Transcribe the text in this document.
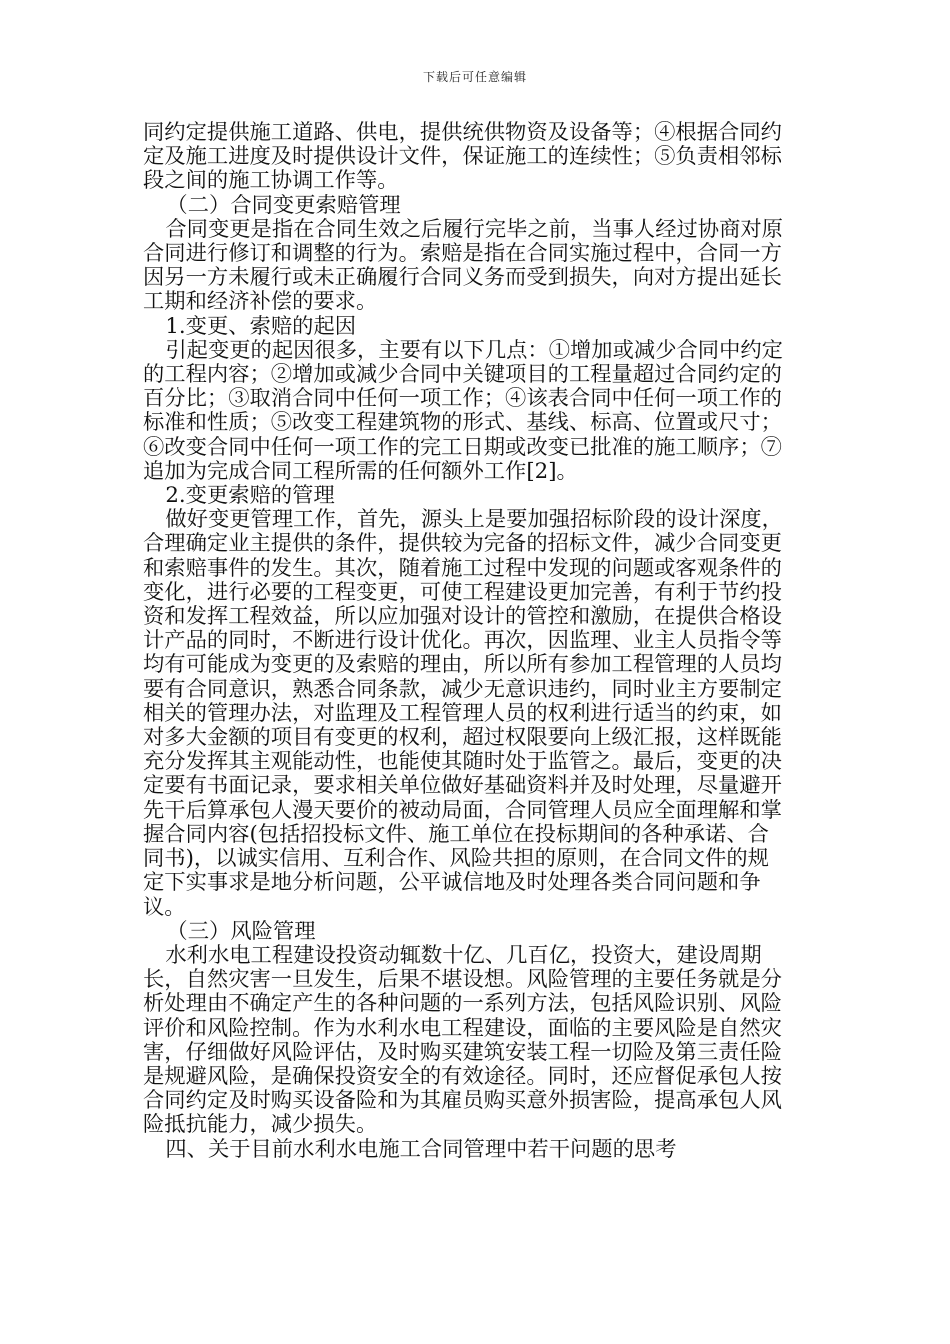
下载后可任意编辑

同约定提供施工道路、供电，提供统供物资及设备等；④根据合同约定及施工进度及时提供设计文件，保证施工的连续性；⑤负责相邻标段之间的施工协调工作等。

（二）合同变更索赔管理

合同变更是指在合同生效之后履行完毕之前，当事人经过协商对原合同进行修订和调整的行为。索赔是指在合同实施过程中，合同一方因另一方未履行或未正确履行合同义务而受到损失，向对方提出延长工期和经济补偿的要求。

1.变更、索赔的起因

引起变更的起因很多，主要有以下几点：①增加或减少合同中约定的工程内容；②增加或减少合同中关键项目的工程量超过合同约定的百分比；③取消合同中任何一项工作；④该表合同中任何一项工作的标准和性质；⑤改变工程建筑物的形式、基线、标高、位置或尺寸；⑥改变合同中任何一项工作的完工日期或改变已批准的施工顺序；⑦追加为完成合同工程所需的任何额外工作[2]。

2.变更索赔的管理

做好变更管理工作，首先，源头上是要加强招标阶段的设计深度，合理确定业主提供的条件，提供较为完备的招标文件，减少合同变更和索赔事件的发生。其次，随着施工过程中发现的问题或客观条件的变化，进行必要的工程变更，可使工程建设更加完善，有利于节约投资和发挥工程效益，所以应加强对设计的管控和激励，在提供合格设计产品的同时，不断进行设计优化。再次，因监理、业主人员指令等均有可能成为变更的及索赔的理由，所以所有参加工程管理的人员均要有合同意识，熟悉合同条款，减少无意识违约，同时业主方要制定相关的管理办法，对监理及工程管理人员的权利进行适当的约束，如对多大金额的项目有变更的权利，超过权限要向上级汇报，这样既能充分发挥其主观能动性，也能使其随时处于监管之。最后，变更的决定要有书面记录，要求相关单位做好基础资料并及时处理，尽量避开先干后算承包人漫天要价的被动局面，合同管理人员应全面理解和掌握合同内容(包括招投标文件、施工单位在投标期间的各种承诺、合同书)，以诚实信用、互利合作、风险共担的原则，在合同文件的规定下实事求是地分析问题，公平诚信地及时处理各类合同问题和争议。

（三）风险管理

水利水电工程建设投资动辄数十亿、几百亿，投资大，建设周期长，自然灾害一旦发生，后果不堪设想。风险管理的主要任务就是分析处理由不确定产生的各种问题的一系列方法，包括风险识别、风险评价和风险控制。作为水利水电工程建设，面临的主要风险是自然灾害，仔细做好风险评估，及时购买建筑安装工程一切险及第三责任险是规避风险，是确保投资安全的有效途径。同时，还应督促承包人按合同约定及时购买设备险和为其雇员购买意外损害险，提高承包人风险抵抗能力，减少损失。

四、关于目前水利水电施工合同管理中若干问题的思考
